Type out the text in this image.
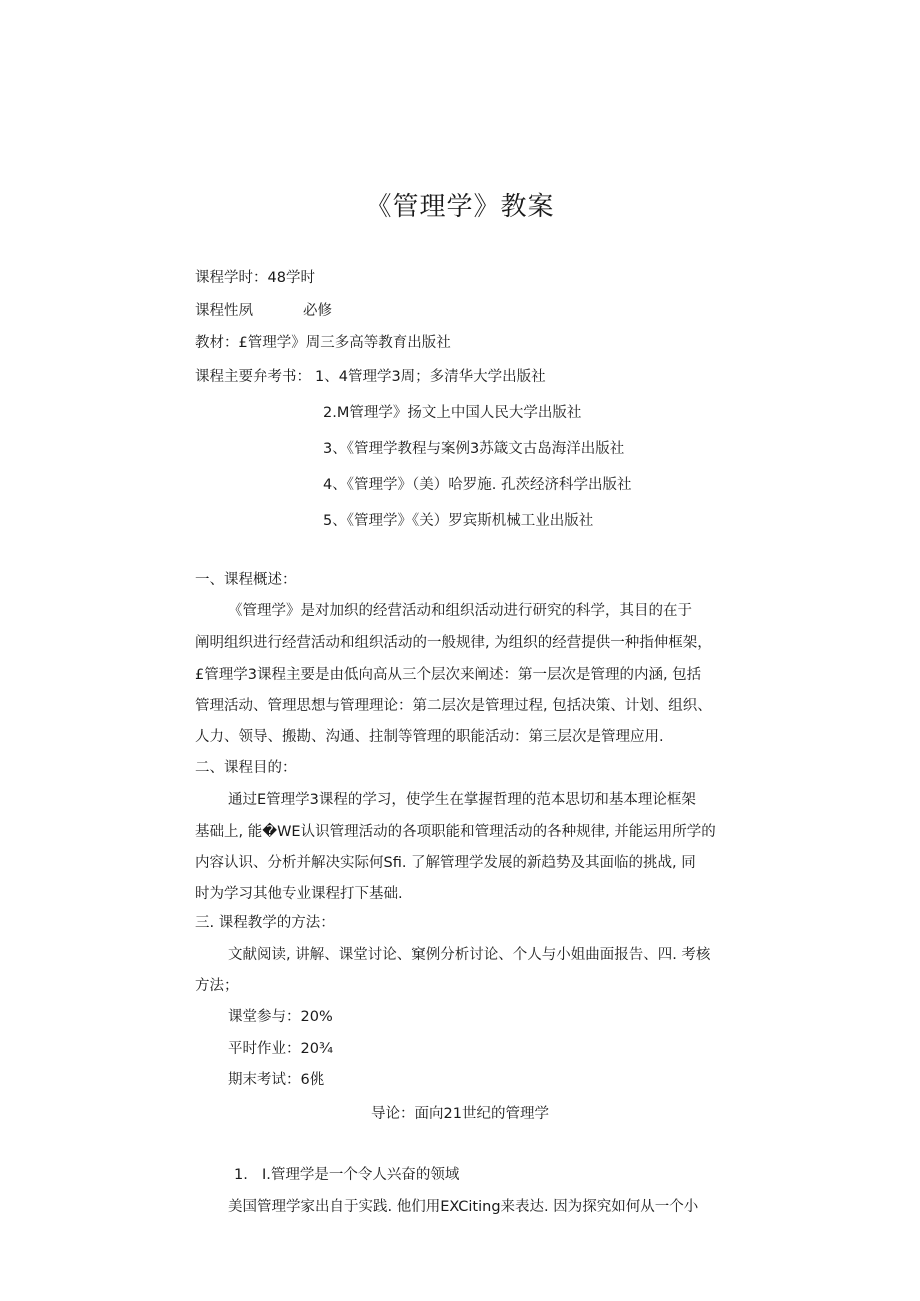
《管理学》教案
课程学时：48学时
课程性夙	必修
教材：£管理学》周三多高等教育出版社
课程主要弁考书： 1、4管理学3周；多清华大学出版社
2.M管理学》扬文上中国人民大学出版社
3、《管理学教程与案例3苏箴文古岛海洋出版社
4、《管理学》（美）哈罗施. 孔茨经济科学出版社
5、《管理学》《关）罗宾斯机械工业出版社
一、课程概述：
《管理学》是对加织的经营活动和组织活动进行研究的科学，其目的在于
阐明组织进行经营活动和组织活动的一般规律, 为组织的经营提供一种指伸框架，
£管理学3课程主要是由低向高从三个层次来阐述：第一层次是管理的内涵, 包括
管理活动、管理思想与管理理论：第二层次是管理过程, 包括决策、计划、组织、
人力、领导、搬勘、沟通、拄制等管理的职能活动：第三层次是管理应用.
二、课程目的：
通过E管理学3课程的学习，使学生在掌握哲理的范本思切和基本理论框架
基础上, 能�WE认识管理活动的各项职能和管理活动的各种规律, 并能运用所学的
内容认识、分析并解决实际何Sfi. 了解管理学发展的新趋势及其面临的挑战, 同
时为学习其他专业课程打下基础.
三. 课程教学的方法：
文献阅读, 讲解、课堂讨论、窠例分析讨论、个人与小姐曲面报告、四. 考核
方法；
课堂参与：20%
平时作业：20¾
期末考试：6佻
导论：面向21世纪的管理学
1. I.管理学是一个令人兴奋的领域
美国管理学家出自于实践. 他们用EXCiting来表达. 因为探究如何从一个小
